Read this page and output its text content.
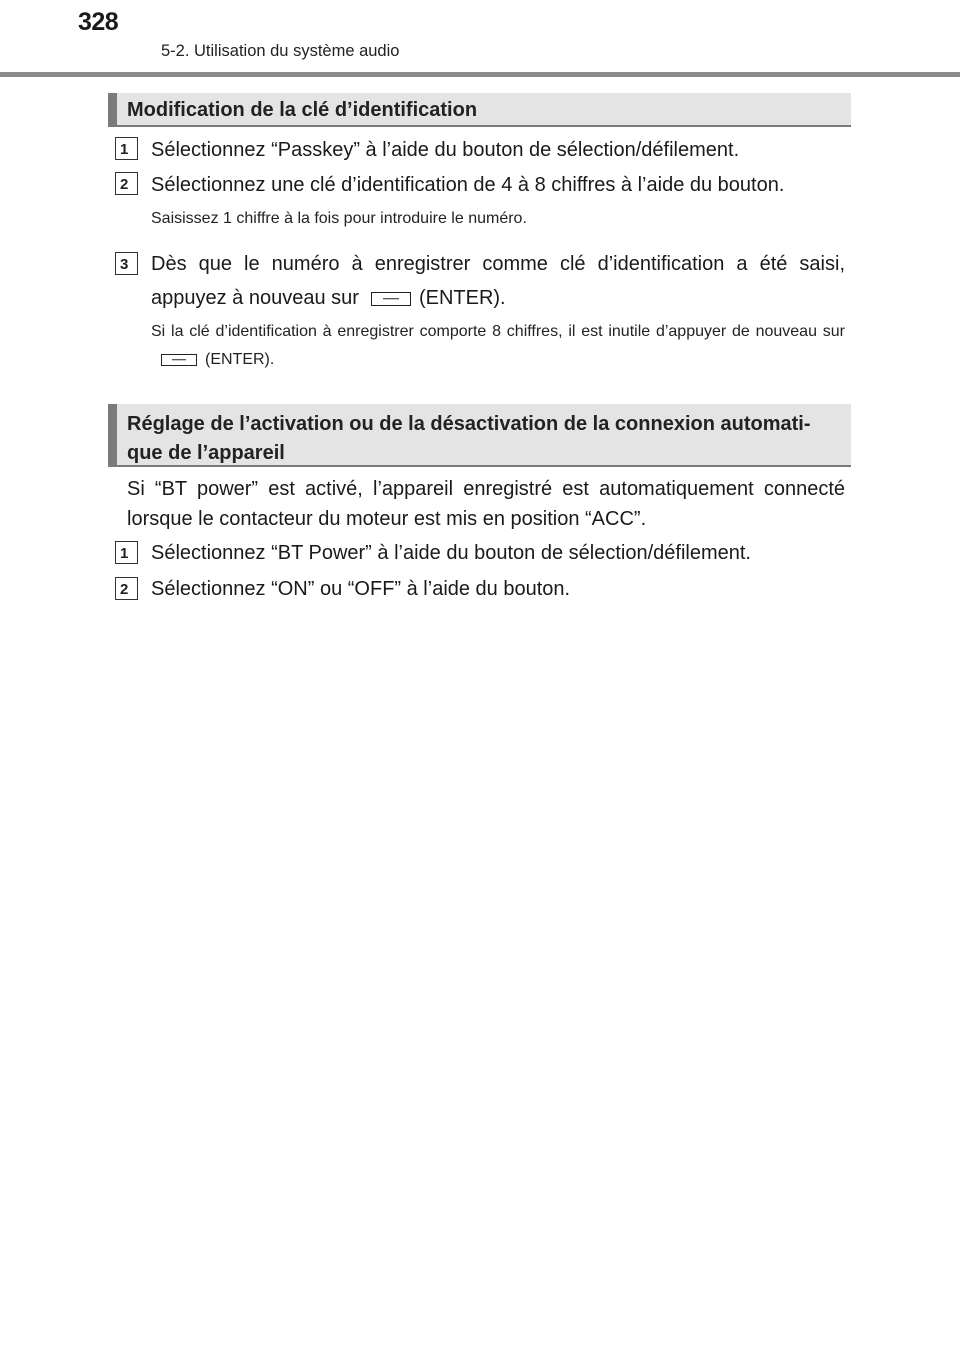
328
5-2. Utilisation du système audio
Modification de la clé d’identification
1	Sélectionnez “Passkey” à l’aide du bouton de sélection/défilement.
2	Sélectionnez une clé d’identification de 4 à 8 chiffres à l’aide du bouton.
Saisissez 1 chiffre à la fois pour introduire le numéro.
3	Dès que le numéro à enregistrer comme clé d’identification a été saisi, appuyez à nouveau sur	(ENTER).
Si la clé d’identification à enregistrer comporte 8 chiffres, il est inutile d’appuyer de nouveau sur(ENTER).
Réglage de l’activation ou de la désactivation de la connexion automati- que de l’appareil
Si “BT power” est activé, l’appareil enregistré est automatiquement connecté lorsque le contacteur du moteur est mis en position “ACC”.
1	Sélectionnez “BT Power” à l’aide du bouton de sélection/défilement.
2	Sélectionnez “ON” ou “OFF” à l’aide du bouton.
